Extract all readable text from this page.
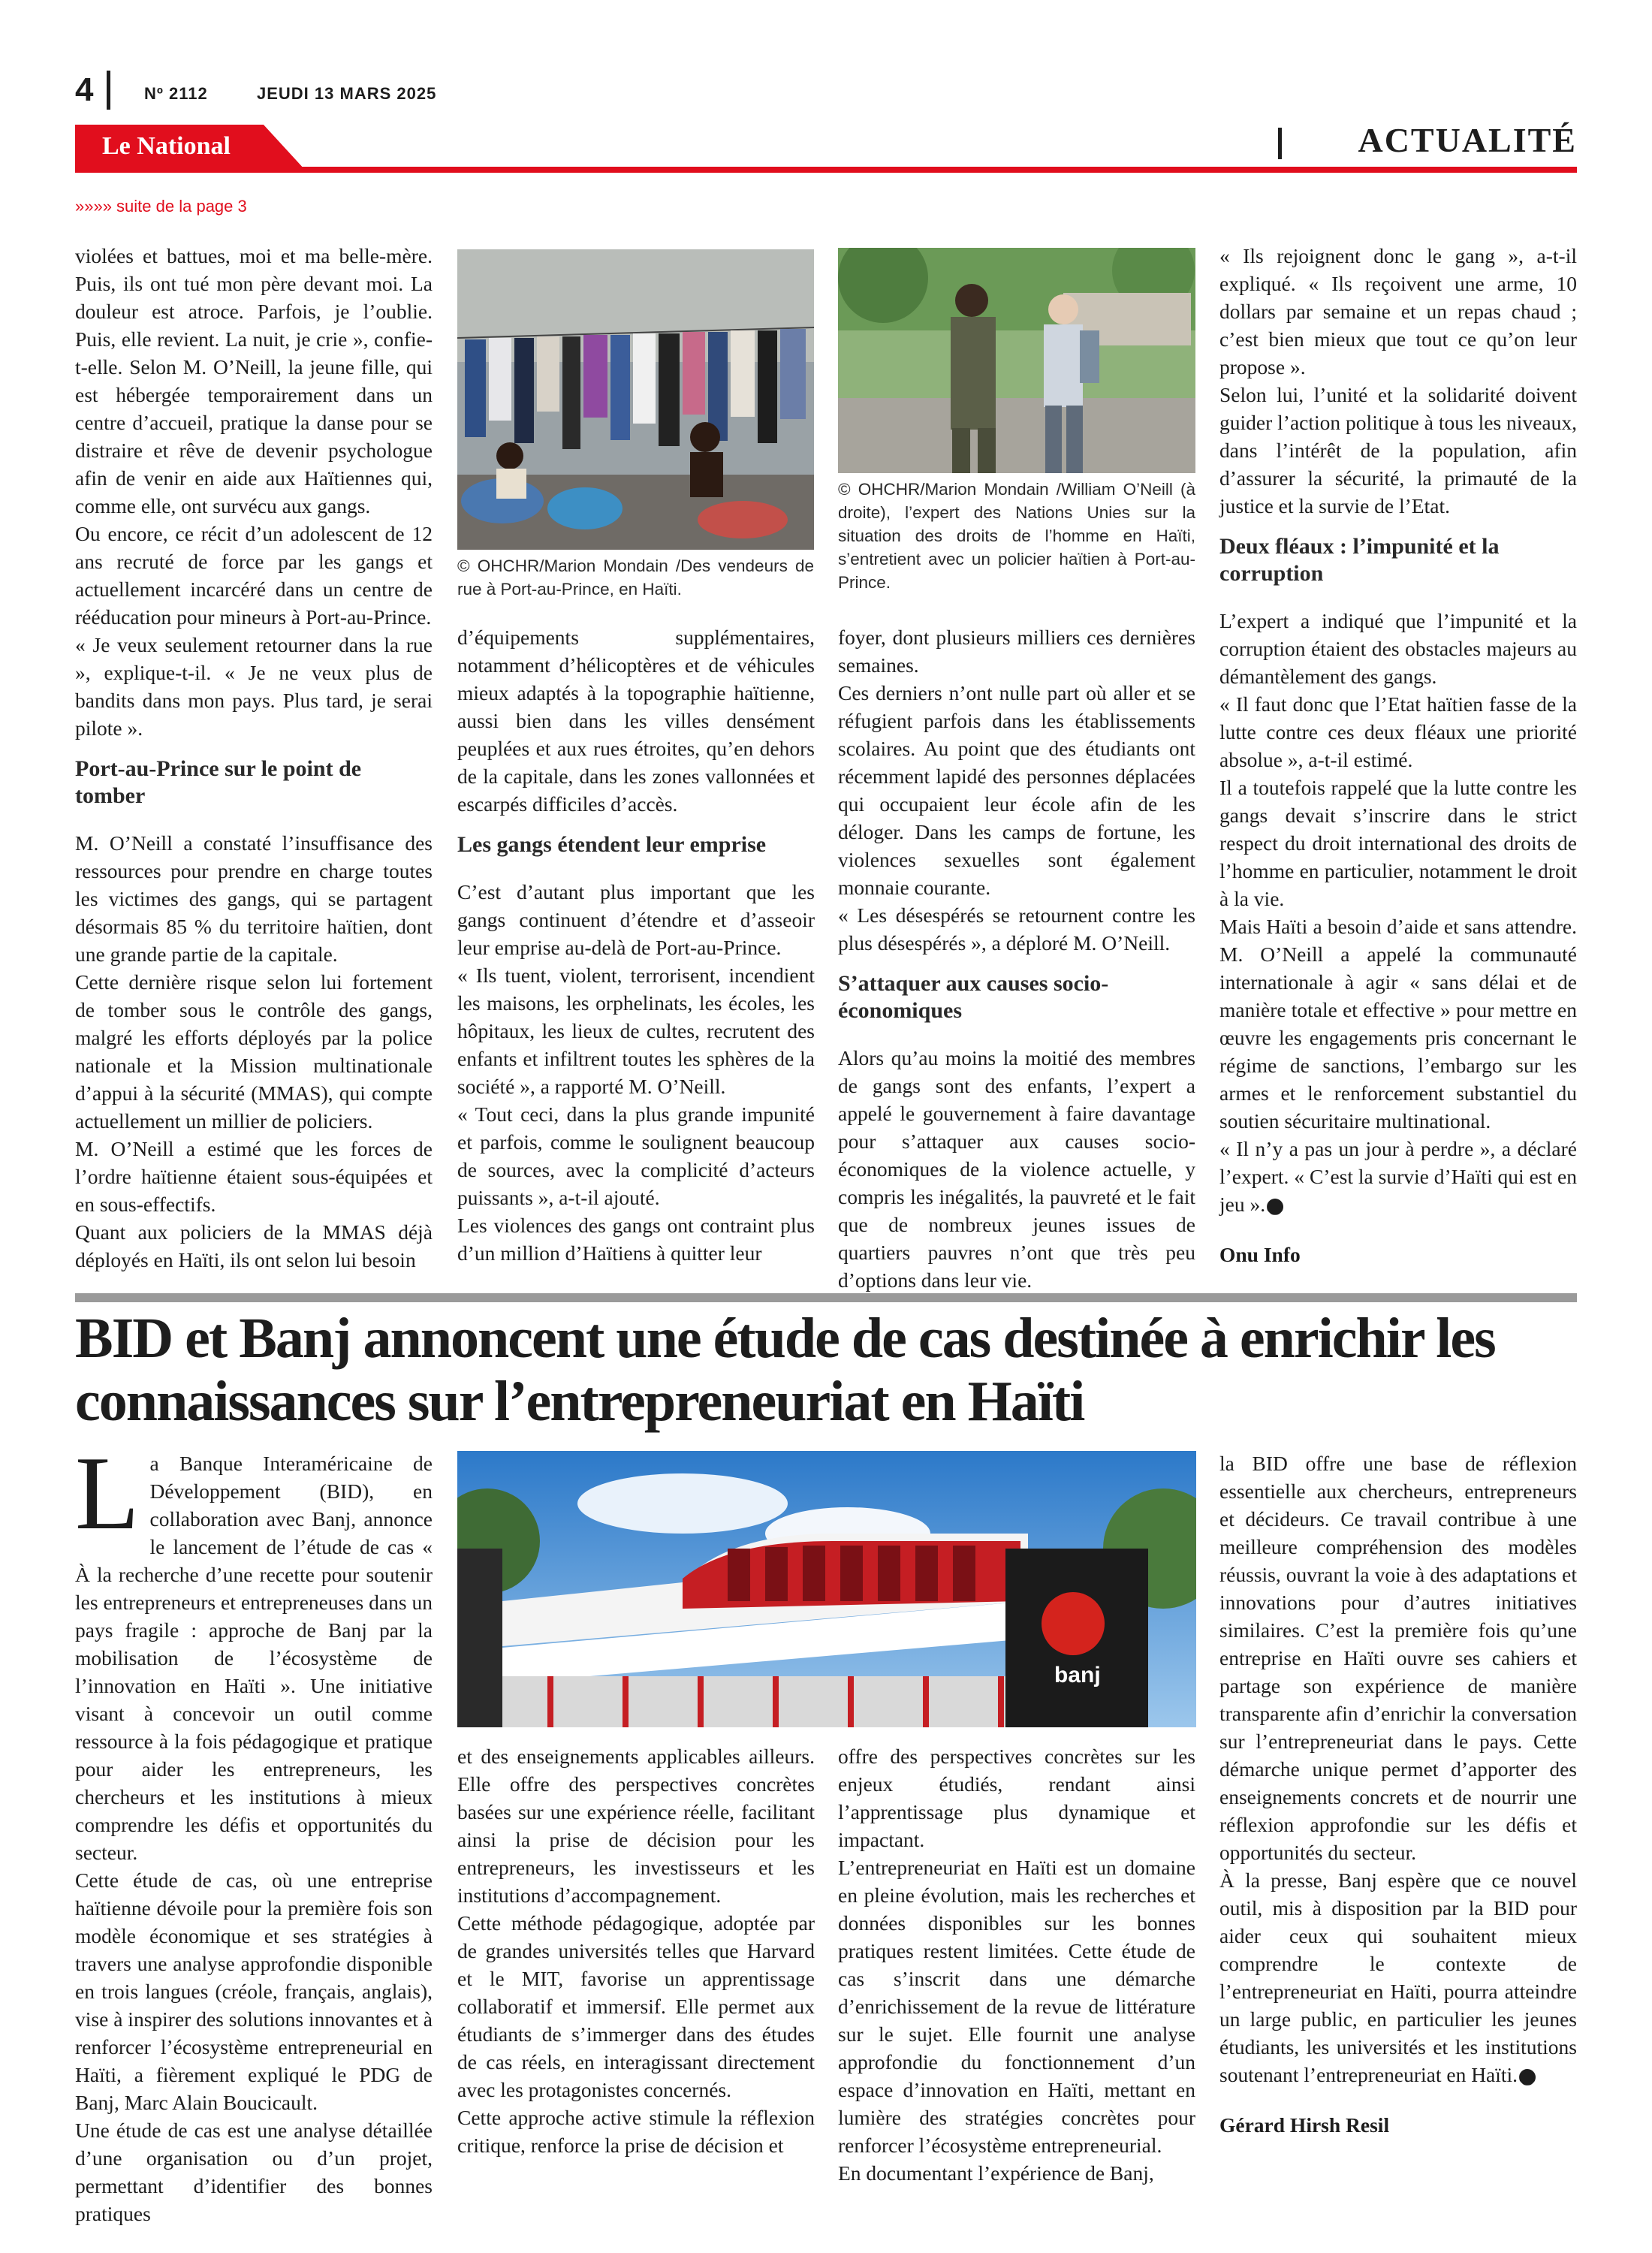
4	Nº 2112	JEUDI 13 MARS 2025
Le National	ACTUALITÉ
»»»» suite de la page 3

violées et battues, moi et ma belle-mère. Puis, ils ont tué mon père devant moi. La douleur est atroce. Parfois, je l’oublie. Puis, elle revient. La nuit, je crie », confie-t-elle. Selon M. O’Neill, la jeune fille, qui est hébergée temporairement dans un centre d’accueil, pratique la danse pour se distraire et rêve de devenir psychologue afin de venir en aide aux Haïtiennes qui, comme elle, ont survécu aux gangs.

Ou encore, ce récit d’un adolescent de 12 ans recruté de force par les gangs et actuellement incarcéré dans un centre de rééducation pour mineurs à Port-au-Prince.

« Je veux seulement retourner dans la rue », explique-t-il. « Je ne veux plus de bandits dans mon pays. Plus tard, je serai pilote ».

Port-au-Prince sur le point de tomber

M. O’Neill a constaté l’insuffisance des ressources pour prendre en charge toutes les victimes des gangs, qui se partagent désormais 85 % du territoire haïtien, dont une grande partie de la capitale.

Cette dernière risque selon lui fortement de tomber sous le contrôle des gangs, malgré les efforts déployés par la police nationale et la Mission multinationale d’appui à la sécurité (MMAS), qui compte actuellement un millier de policiers.

M. O’Neill a estimé que les forces de l’ordre haïtienne étaient sous-équipées et en sous-effectifs.

Quant aux policiers de la MMAS déjà déployés en Haïti, ils ont selon lui besoin

© OHCHR/Marion Mondain /Des vendeurs de rue à Port-au-Prince, en Haïti.

d’équipements supplémentaires, notamment d’hélicoptères et de véhicules mieux adaptés à la topographie haïtienne, aussi bien dans les villes densément peuplées et aux rues étroites, qu’en dehors de la capitale, dans les zones vallonnées et escarpés difficiles d’accès.

Les gangs étendent leur emprise

C’est d’autant plus important que les gangs continuent d’étendre et d’asseoir leur emprise au-delà de Port-au-Prince.

« Ils tuent, violent, terrorisent, incendient les maisons, les orphelinats, les écoles, les hôpitaux, les lieux de cultes, recrutent des enfants et infiltrent toutes les sphères de la société », a rapporté M. O’Neill.

« Tout ceci, dans la plus grande impunité et parfois, comme le soulignent beaucoup de sources, avec la complicité d’acteurs puissants », a-t-il ajouté.

Les violences des gangs ont contraint plus d’un million d’Haïtiens à quitter leur

© OHCHR/Marion Mondain /William O’Neill (à droite), l’expert des Nations Unies sur la situation des droits de l’homme en Haïti, s’entretient avec un policier haïtien à Port-au-Prince.

foyer, dont plusieurs milliers ces dernières semaines.

Ces derniers n’ont nulle part où aller et se réfugient parfois dans les établissements scolaires. Au point que des étudiants ont récemment lapidé des personnes déplacées qui occupaient leur école afin de les déloger. Dans les camps de fortune, les violences sexuelles sont également monnaie courante.

« Les désespérés se retournent contre les plus désespérés », a déploré M. O’Neill.

S’attaquer aux causes socio-économiques

Alors qu’au moins la moitié des membres de gangs sont des enfants, l’expert a appelé le gouvernement à faire davantage pour s’attaquer aux causes socio-économiques de la violence actuelle, y compris les inégalités, la pauvreté et le fait que de nombreux jeunes issues de quartiers pauvres n’ont que très peu d’options dans leur vie.

« Ils rejoignent donc le gang », a-t-il expliqué. « Ils reçoivent une arme, 10 dollars par semaine et un repas chaud ; c’est bien mieux que tout ce qu’on leur propose ».

Selon lui, l’unité et la solidarité doivent guider l’action politique à tous les niveaux, dans l’intérêt de la population, afin d’assurer la sécurité, la primauté de la justice et la survie de l’Etat.

Deux fléaux : l’impunité et la corruption

L’expert a indiqué que l’impunité et la corruption étaient des obstacles majeurs au démantèlement des gangs.

« Il faut donc que l’Etat haïtien fasse de la lutte contre ces deux fléaux une priorité absolue », a-t-il estimé.

Il a toutefois rappelé que la lutte contre les gangs devait s’inscrire dans le strict respect du droit international des droits de l’homme en particulier, notamment le droit à la vie.

Mais Haïti a besoin d’aide et sans attendre. M. O’Neill a appelé la communauté internationale à agir « sans délai et de manière totale et effective » pour mettre en œuvre les engagements pris concernant le régime de sanctions, l’embargo sur les armes et le renforcement substantiel du soutien sécuritaire multinational.

« Il n’y a pas un jour à perdre », a déclaré l’expert. « C’est la survie d’Haïti qui est en jeu ».

Onu Info

BID et Banj annoncent une étude de cas destinée à enrichir les connaissances sur l’entrepreneuriat en Haïti

La Banque Interaméricaine de Développement (BID), en collaboration avec Banj, annonce le lancement de l’étude de cas « À la recherche d’une recette pour soutenir les entrepreneurs et entrepreneuses dans un pays fragile : approche de Banj par la mobilisation de l’écosystème de l’innovation en Haïti ». Une initiative visant à concevoir un outil comme ressource à la fois pédagogique et pratique pour aider les entrepreneurs, les chercheurs et les institutions à mieux comprendre les défis et opportunités du secteur.

Cette étude de cas, où une entreprise haïtienne dévoile pour la première fois son modèle économique et ses stratégies à travers une analyse approfondie disponible en trois langues (créole, français, anglais), vise à inspirer des solutions innovantes et à renforcer l’écosystème entrepreneurial en Haïti, a fièrement expliqué le PDG de Banj, Marc Alain Boucicault.

Une étude de cas est une analyse détaillée d’une organisation ou d’un projet, permettant d’identifier des bonnes pratiques

banj

et des enseignements applicables ailleurs. Elle offre des perspectives concrètes basées sur une expérience réelle, facilitant ainsi la prise de décision pour les entrepreneurs, les investisseurs et les institutions d’accompagnement.

Cette méthode pédagogique, adoptée par de grandes universités telles que Harvard et le MIT, favorise un apprentissage collaboratif et immersif. Elle permet aux étudiants de s’immerger dans des études de cas réels, en interagissant directement avec les protagonistes concernés.

Cette approche active stimule la réflexion critique, renforce la prise de décision et

offre des perspectives concrètes sur les enjeux étudiés, rendant ainsi l’apprentissage plus dynamique et impactant.

L’entrepreneuriat en Haïti est un domaine en pleine évolution, mais les recherches et données disponibles sur les bonnes pratiques restent limitées. Cette étude de cas s’inscrit dans une démarche d’enrichissement de la revue de littérature sur le sujet. Elle fournit une analyse approfondie du fonctionnement d’un espace d’innovation en Haïti, mettant en lumière des stratégies concrètes pour renforcer l’écosystème entrepreneurial.

En documentant l’expérience de Banj,

la BID offre une base de réflexion essentielle aux chercheurs, entrepreneurs et décideurs. Ce travail contribue à une meilleure compréhension des modèles réussis, ouvrant la voie à des adaptations et innovations pour d’autres initiatives similaires. C’est la première fois qu’une entreprise en Haïti ouvre ses cahiers et partage son expérience de manière transparente afin d’enrichir la conversation sur l’entrepreneuriat dans le pays. Cette démarche unique permet d’apporter des enseignements concrets et de nourrir une réflexion approfondie sur les défis et opportunités du secteur.

À la presse, Banj espère que ce nouvel outil, mis à disposition par la BID pour aider ceux qui souhaitent mieux comprendre le contexte de l’entrepreneuriat en Haïti, pourra atteindre un large public, en particulier les jeunes étudiants, les universités et les institutions soutenant l’entrepreneuriat en Haïti.

Gérard Hirsh Resil
